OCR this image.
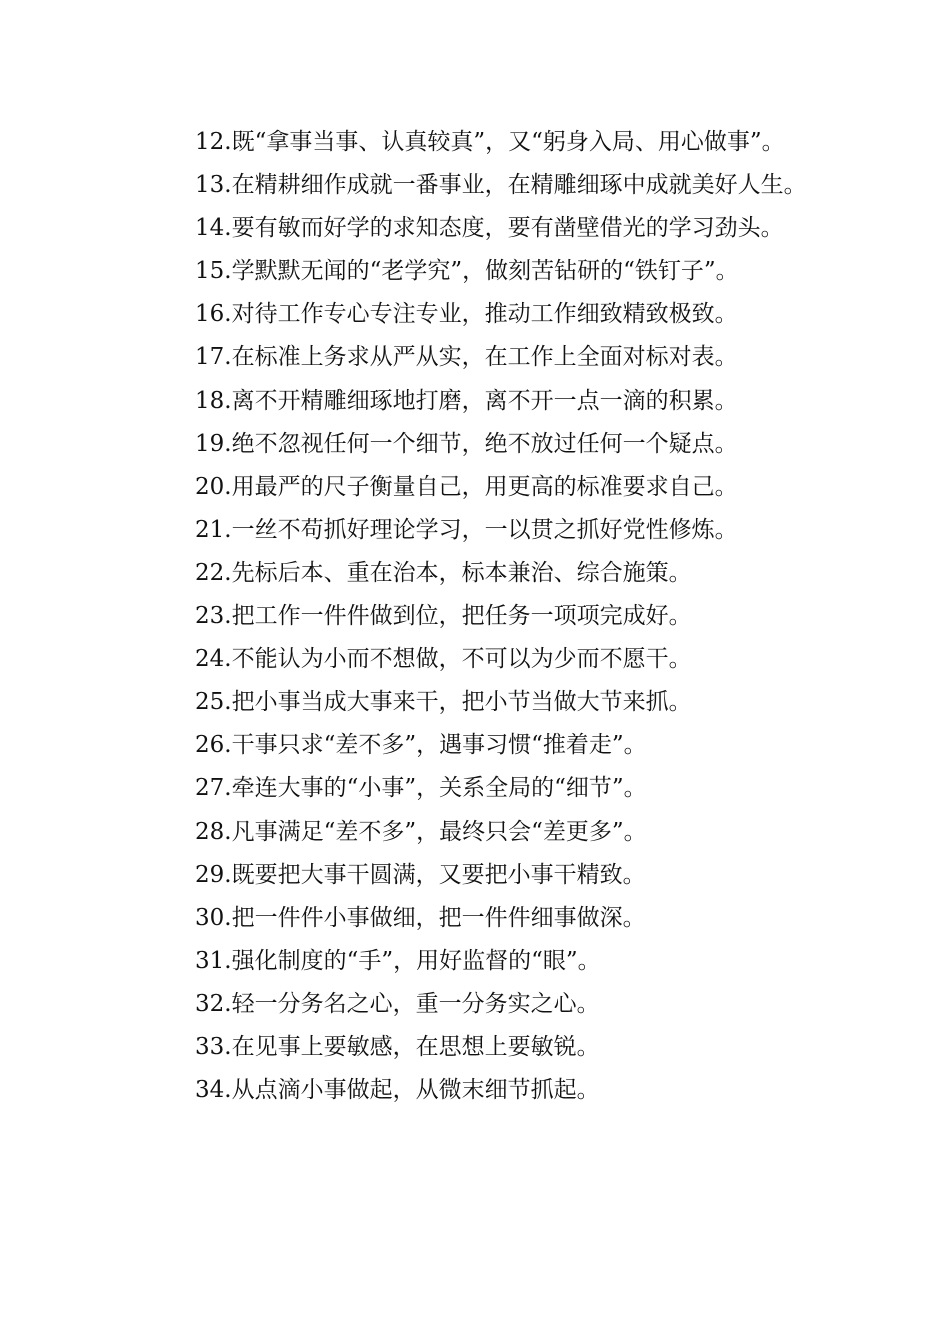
12.既“拿事当事、认真较真”，又“躬身入局、用心做事”。

13.在精耕细作成就一番事业，在精雕细琢中成就美好人生。

14.要有敏而好学的求知态度，要有凿壁借光的学习劲头。

15.学默默无闻的“老学究”，做刻苦钻研的“铁钉子”。

16.对待工作专心专注专业，推动工作细致精致极致。

17.在标准上务求从严从实，在工作上全面对标对表。

18.离不开精雕细琢地打磨，离不开一点一滴的积累。

19.绝不忽视任何一个细节，绝不放过任何一个疑点。

20.用最严的尺子衡量自己，用更高的标准要求自己。

21.一丝不苟抓好理论学习，一以贯之抓好党性修炼。

22.先标后本、重在治本，标本兼治、综合施策。

23.把工作一件件做到位，把任务一项项完成好。

24.不能认为小而不想做，不可以为少而不愿干。

25.把小事当成大事来干，把小节当做大节来抓。

26.干事只求“差不多”，遇事习惯“推着走”。

27.牵连大事的“小事”，关系全局的“细节”。

28.凡事满足“差不多”，最终只会“差更多”。

29.既要把大事干圆满，又要把小事干精致。

30.把一件件小事做细，把一件件细事做深。

31.强化制度的“手”，用好监督的“眼”。

32.轻一分务名之心，重一分务实之心。

33.在见事上要敏感，在思想上要敏锐。

34.从点滴小事做起，从微末细节抓起。
